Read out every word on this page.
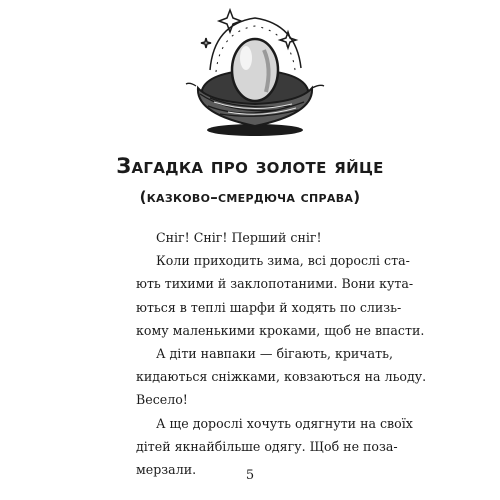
Загадка про золоте яйце
(казково–смердюча справа)
Сніг! Сніг! Перший сніг!
Коли приходить зима, всі дорослі ста-
ють тихими й заклопотаними. Вони кута-
ються в теплі шарфи й ходять по слизь-
кому маленькими кроками, щоб не впасти.
А діти навпаки — бігають, кричать,
кидаються сніжками, ковзаються на льоду.
Весело!
А ще дорослі хочуть одягнути на своїх
дітей якнайбільше одягу. Щоб не поза-
мерзали.	5
